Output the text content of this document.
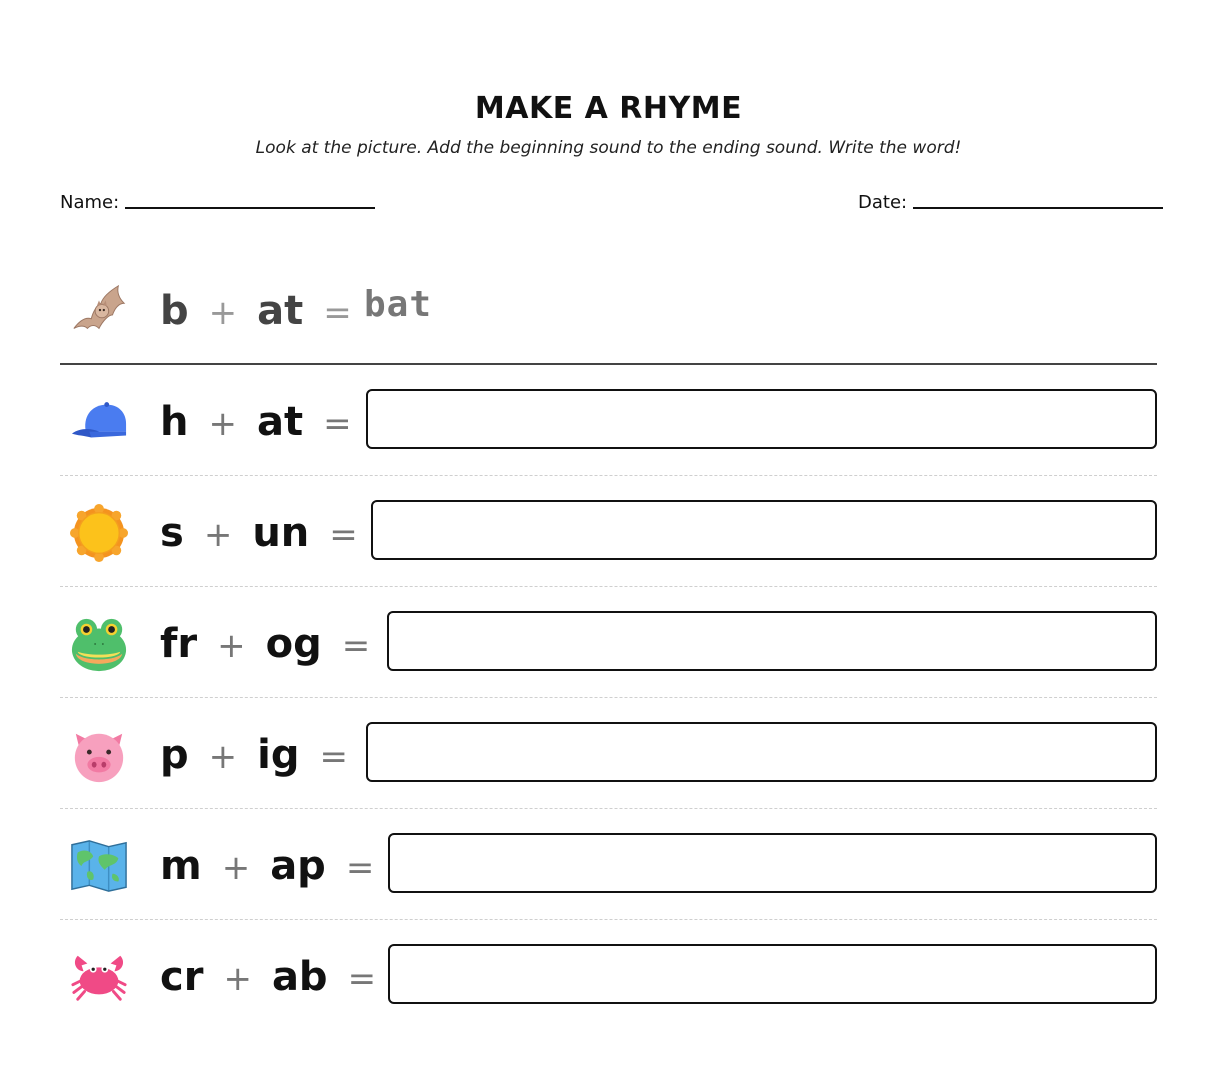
MAKE A RHYME
Look at the picture. Add the beginning sound to the ending sound. Write the word!
Name:	Date:
b + at = bat
h + at =
s + un =
fr + og =
p + ig =
m + ap =
cr + ab =
